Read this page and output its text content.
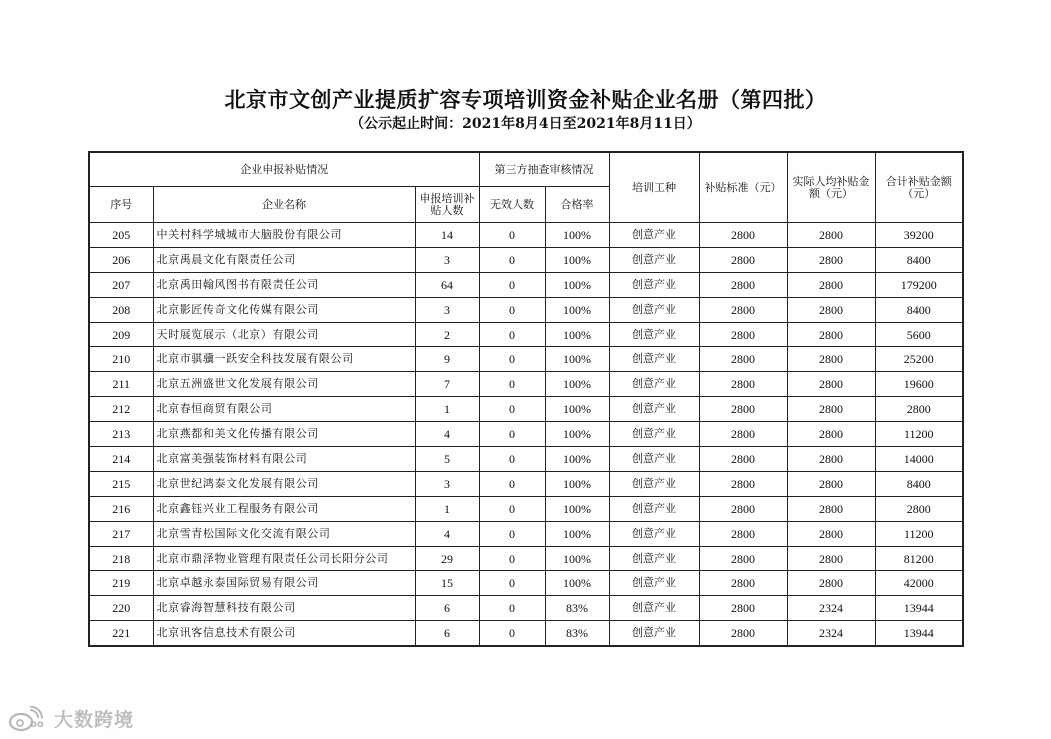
北京市文创产业提质扩容专项培训资金补贴企业名册（第四批）
（公示起止时间：2021年8月4日至2021年8月11日）
企业申报补贴情况			第三方抽查审核情况		培训工种	补贴标准（元）	实际人均补贴金额（元）	合计补贴金额（元）
序号	企业名称	申报培训补贴人数	无效人数	合格率				
205	中关村科学城城市大脑股份有限公司	14	0	100%	创意产业	2800	2800	39200
206	北京禹晨文化有限责任公司	3	0	100%	创意产业	2800	2800	8400
207	北京禹田翰风图书有限责任公司	64	0	100%	创意产业	2800	2800	179200
208	北京影匠传奇文化传媒有限公司	3	0	100%	创意产业	2800	2800	8400
209	天时展览展示（北京）有限公司	2	0	100%	创意产业	2800	2800	5600
210	北京市骐骥一跃安全科技发展有限公司	9	0	100%	创意产业	2800	2800	25200
211	北京五洲盛世文化发展有限公司	7	0	100%	创意产业	2800	2800	19600
212	北京春恒商贸有限公司	1	0	100%	创意产业	2800	2800	2800
213	北京燕都和美文化传播有限公司	4	0	100%	创意产业	2800	2800	11200
214	北京富美强装饰材料有限公司	5	0	100%	创意产业	2800	2800	14000
215	北京世纪鸿泰文化发展有限公司	3	0	100%	创意产业	2800	2800	8400
216	北京鑫钰兴业工程服务有限公司	1	0	100%	创意产业	2800	2800	2800
217	北京雪青松国际文化交流有限公司	4	0	100%	创意产业	2800	2800	11200
218	北京市鼎泽物业管理有限责任公司长阳分公司	29	0	100%	创意产业	2800	2800	81200
219	北京卓越永泰国际贸易有限公司	15	0	100%	创意产业	2800	2800	42000
220	北京睿海智慧科技有限公司	6	0	83%	创意产业	2800	2324	13944
221	北京讯客信息技术有限公司	6	0	83%	创意产业	2800	2324	13944
oo 大数跨境
